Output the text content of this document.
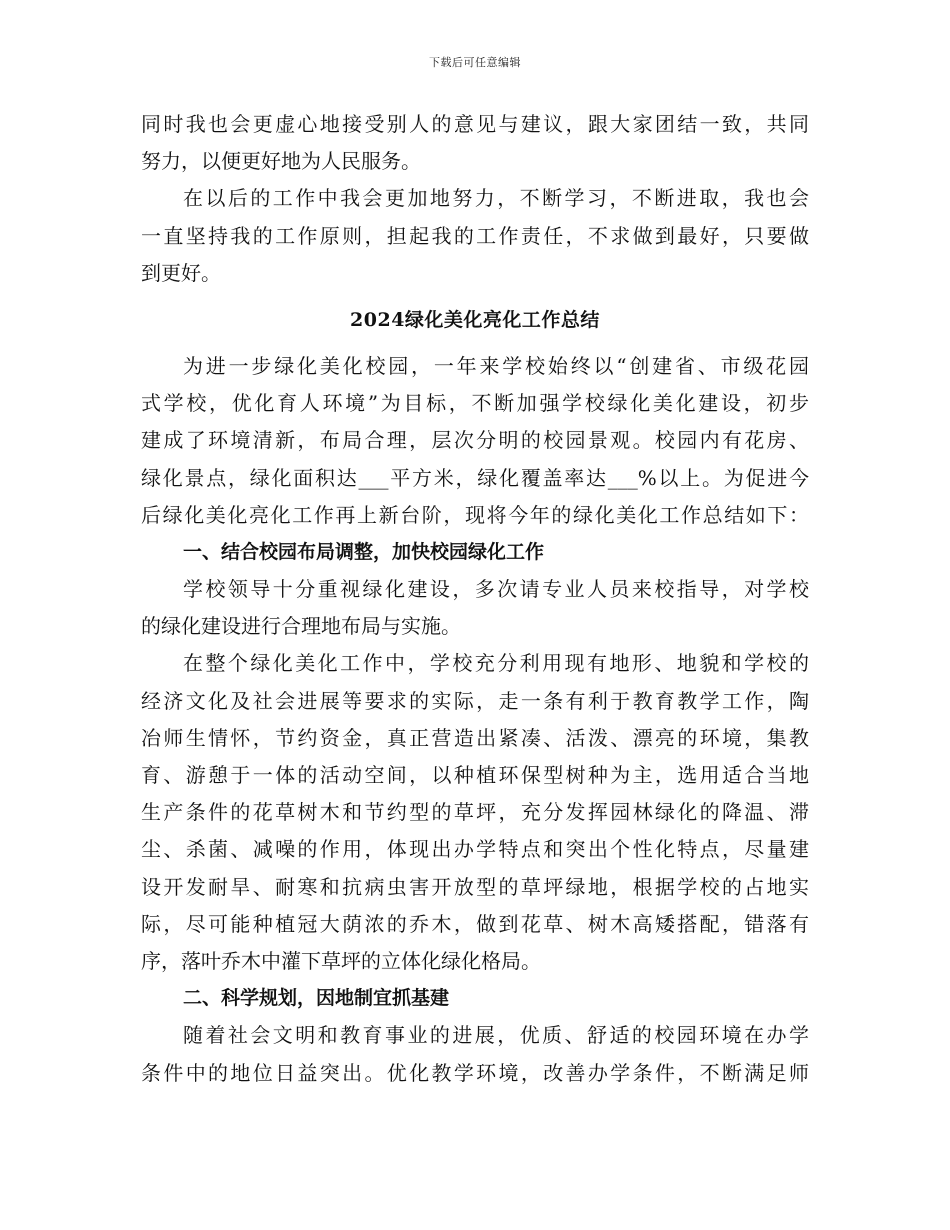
下载后可任意编辑
同时我也会更虚心地接受别人的意见与建议，跟大家团结一致，共同
努力，以便更好地为人民服务。
在以后的工作中我会更加地努力，不断学习，不断进取，我也会
一直坚持我的工作原则，担起我的工作责任，不求做到最好，只要做
到更好。
2024绿化美化亮化工作总结
为进一步绿化美化校园，一年来学校始终以“创建省、市级花园
式学校，优化育人环境”为目标，不断加强学校绿化美化建设，初步
建成了环境清新，布局合理，层次分明的校园景观。校园内有花房、
绿化景点，绿化面积达___平方米，绿化覆盖率达___%以上。为促进今
后绿化美化亮化工作再上新台阶，现将今年的绿化美化工作总结如下：
一、结合校园布局调整，加快校园绿化工作
学校领导十分重视绿化建设，多次请专业人员来校指导，对学校
的绿化建设进行合理地布局与实施。
在整个绿化美化工作中，学校充分利用现有地形、地貌和学校的
经济文化及社会进展等要求的实际，走一条有利于教育教学工作，陶
冶师生情怀，节约资金，真正营造出紧凑、活泼、漂亮的环境，集教
育、游憩于一体的活动空间，以种植环保型树种为主，选用适合当地
生产条件的花草树木和节约型的草坪，充分发挥园林绿化的降温、滞
尘、杀菌、减噪的作用，体现出办学特点和突出个性化特点，尽量建
设开发耐旱、耐寒和抗病虫害开放型的草坪绿地，根据学校的占地实
际，尽可能种植冠大荫浓的乔木，做到花草、树木高矮搭配，错落有
序，落叶乔木中灌下草坪的立体化绿化格局。
二、科学规划，因地制宜抓基建
随着社会文明和教育事业的进展，优质、舒适的校园环境在办学
条件中的地位日益突出。优化教学环境，改善办学条件，不断满足师
